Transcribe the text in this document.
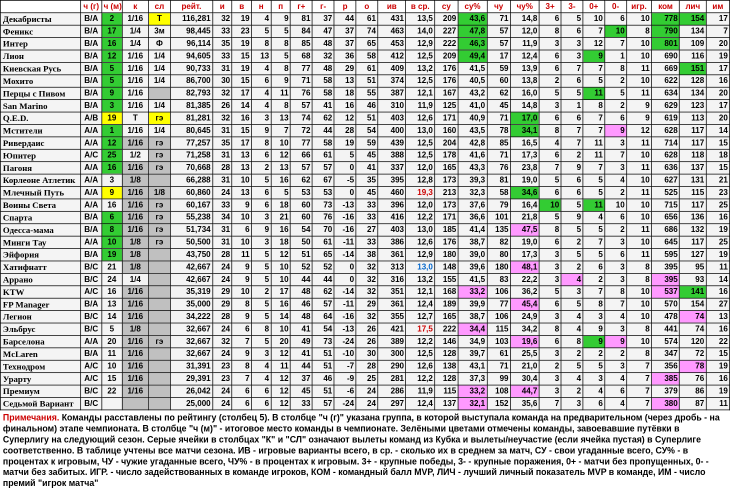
	ч (г)	ч (м)	к	сл	рейт.	и	в	н	п	г+	г-	р	о	ив	в ср.	су	су%	чу	чу%	3+	3-	0+	0-	игр.	ком	лич	им
Декабристы	B/A	2	1/16	T	116,281	32	19	4	9	81	37	44	61	431	13,5	209	43,6	71	14,8	6	5	10	6	10	778	154	17
Феникс	B/A	17	1/4	3м	98,445	33	23	5	5	84	47	37	74	463	14,0	227	47,8	57	12,0	8	6	7	10	8	790	134	7
Интер	B/A	16	1/4	Ф	96,114	35	19	8	8	85	48	37	65	453	12,9	222	46,3	57	11,9	3	3	12	7	10	801	109	20
Лион	B/A	12	1/16	1/4	94,605	33	15	13	5	68	32	36	58	412	12,5	209	49,4	17	12,4	6	3	9	1	10	690	116	19
Киевская Русь	B/A	5	1/16	1/4	90,733	31	19	4	8	77	48	29	61	409	13,2	176	41,5	59	13,9	6	7	7	8	11	669	151	17
Мохито	B/A	5	1/16	1/4	86,700	30	15	6	9	71	58	13	51	374	12,5	176	40,5	60	13,8	2	6	5	2	10	622	128	16
Перцы с Пивом	B/A	9	1/16		82,793	32	17	4	11	76	58	18	55	387	12,1	167	43,2	62	16,0	5	5	11	5	11	634	134	20
San Marino	B/A	3	1/16	1/4	81,385	26	14	4	8	57	41	16	46	310	11,9	125	41,0	45	14,8	3	1	8	2	9	629	123	17
Q.E.D.	A/B	19	T	гэ	81,281	32	16	3	13	74	62	12	51	403	12,6	171	40,9	71	17,0	6	6	7	6	9	619	113	20
Мстители	A/A	1	1/16	1/4	80,645	31	15	9	7	72	44	28	54	400	13,0	160	43,5	78	34,1	8	7	7	9	12	628	117	14
Ривердаис	A/A	12	1/16	гэ	77,257	35	17	8	10	77	58	19	59	439	12,5	204	42,8	85	16,5	4	7	11	3	11	714	117	15
Юпитер	A/C	25	1/2	гэ	71,258	31	13	6	12	66	61	5	45	388	12,5	178	41,6	71	17,3	6	2	11	7	10	628	118	18
Пагоня	A/A	16	1/16	гэ	70,668	28	13	2	13	57	57	0	41	337	12,0	165	43,3	76	23,8	7	9	7	3	11	636	137	15
Корлеоне Атлетик	A/A	3	1/8		66,288	31	10	5	16	62	67	-5	35	395	12,8	173	39,3	81	19,0	5	6	5	4	10	627	131	21
Млечный Путь	A/A	9	1/16	1/8	60,860	24	13	6	5	53	53	0	45	460	19,3	213	32,3	58	34,6	6	6	5	2	11	525	115	23
Воины Света	A/A	16	1/16	гэ	60,167	33	9	6	18	60	73	-13	33	396	12,0	173	37,6	79	16,4	10	5	11	10	10	715	117	25
Спарта	B/A	6	1/16	гэ	55,238	34	10	3	21	60	76	-16	33	416	12,2	171	36,6	101	21,8	5	9	4	6	10	656	136	16
Одесса-мама	B/A	8	1/16	гэ	51,734	31	6	9	16	54	70	-16	27	403	13,0	185	41,4	135	47,5	8	5	5	2	11	686	132	19
Минги Тау	A/A	10	1/8	гэ	50,500	31	10	3	18	50	61	-11	33	386	12,6	176	38,7	82	19,0	6	2	7	3	10	645	117	25
Эйфория	B/A	19	1/8		43,750	28	11	5	12	51	65	-14	38	361	12,9	180	39,0	80	17,3	3	5	5	6	11	595	127	19
Хатифнатт	B/C	21	1/8		42,667	24	9	5	10	52	52	0	32	313	13,0	148	39,6	180	48,1	3	2	6	3	8	395	95	11
Аррано	B/C	24	1/4		42,667	24	9	5	10	44	44	0	32	316	13,2	155	41,5	83	22,2	3	4	2	3	8	395	93	14
KTW	A/C	16	1/16		35,319	29	10	2	17	48	62	-14	32	351	12,1	168	33,2	106	36,2	5	3	7	8	10	537	141	16
FP Manager	B/A	13	1/16		35,000	29	8	5	16	46	57	-11	29	361	12,4	189	39,9	77	45,4	6	5	8	7	10	570	154	27
Легион	B/C	14	1/16		34,222	28	9	5	14	48	64	-16	32	355	12,7	165	38,7	106	24,9	3	4	3	4	10	478	74	13
Эльбрус	B/C	5	1/8		32,667	24	6	8	10	41	54	-13	26	421	17,5	222	34,4	115	34,2	8	4	9	3	8	441	74	16
Барселона	A/A	20	1/16	гэ	32,667	32	7	5	20	49	73	-24	26	389	12,2	146	34,9	103	19,6	6	8	9	9	10	574	120	22
McLaren	B/A	11	1/16		32,667	24	9	3	12	41	51	-10	30	300	12,5	128	39,7	61	25,5	3	2	2	2	8	347	72	15
Технодром	A/C	10	1/16		31,391	23	8	4	11	44	51	-7	28	290	12,6	138	43,1	71	21,0	2	5	5	3	7	356	78	19
Урарту	A/C	15	1/16		29,391	23	7	4	12	37	46	-9	25	281	12,2	128	37,3	99	30,4	3	4	3	4	7	385	76	16
Премиум	B/C	22	1/16		26,042	24	6	6	12	45	51	-6	24	286	11,9	115	33,2	108	44,7	3	2	4	6	7	379	86	19
Седьмой Вариант	B/C				25,000	24	6	6	12	33	57	-24	24	297	12,4	137	32,1	152	35,6	7	3	6	4	7	380	87	11
Примечания. Команды расставлены по рейтингу (столбец 5). В столбце "ч (г)" указана группа, в которой выступала команда на предварительном (через дробь - на финальном) этапе чемпионата. В столбце "ч (м)" - итоговое место команды в чемпионате. Зелёными цветами отмечены команды, завоевавшие путёвки в Суперлигу на следующий сезон. Серые ячейки в столбцах "К" и "СЛ" означают вылеты команд из Кубка и вылеты/неучастие (если ячейка пустая) в Суперлиге соответственно. В таблице учтены все матчи сезона. ИВ - игровые варианты всего, в ср. - сколько их в среднем за матч, СУ - свои угаданные всего, СУ% - в процентах к игровым, ЧУ - чужие угаданные всего, ЧУ% - в процентах к игровым. 3+ - крупные победы, 3- - крупные поражения, 0+ - матчи без пропущенных, 0- - матчи без забитых. ИГР. - число задействованных в команде игроков, КОМ - командный балл MVP, ЛИЧ - лучший личный показатель MVP в команде, ИМ - число премий "игрок матча"
